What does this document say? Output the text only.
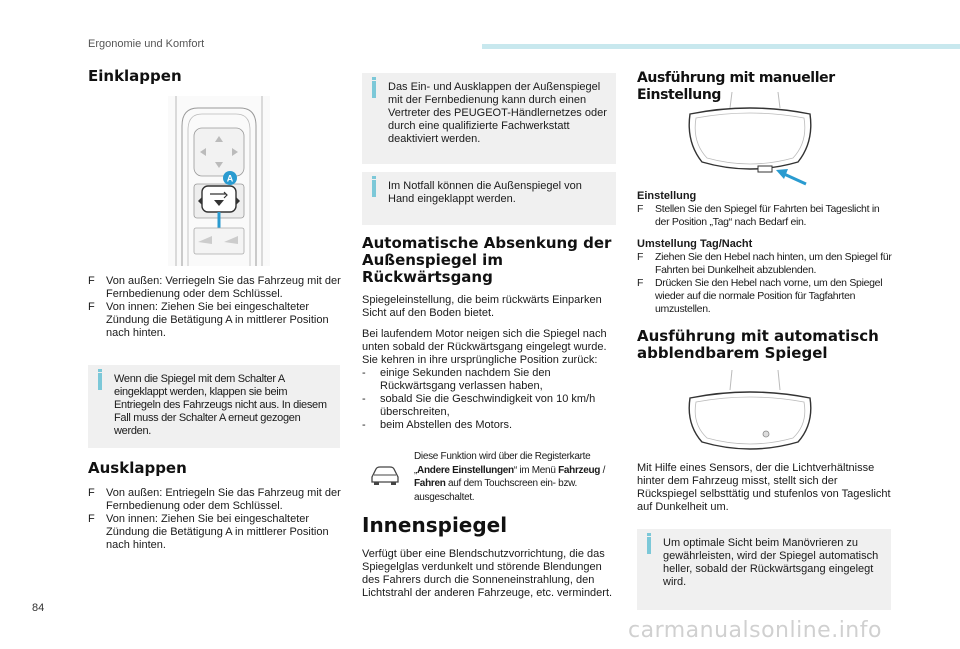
Ergonomie und Komfort
Einklappen
A
F Von außen: Verriegeln Sie das Fahrzeug mit der Fernbedienung oder dem Schlüssel.
F Von innen: Ziehen Sie bei eingeschalteter Zündung die Betätigung A in mittlerer Position nach hinten.

Wenn die Spiegel mit dem Schalter A eingeklappt werden, klappen sie beim Entriegeln des Fahrzeugs nicht aus. In diesem Fall muss der Schalter A erneut gezogen werden.

Ausklappen
F Von außen: Entriegeln Sie das Fahrzeug mit der Fernbedienung oder dem Schlüssel.
F Von innen: Ziehen Sie bei eingeschalteter Zündung die Betätigung A in mittlerer Position nach hinten.

Das Ein- und Ausklappen der Außenspiegel mit der Fernbedienung kann durch einen Vertreter des PEUGEOT-Händlernetzes oder durch eine qualifizierte Fachwerkstatt deaktiviert werden.

Im Notfall können die Außenspiegel von Hand eingeklappt werden.

Automatische Absenkung der
Außenspiegel im Rückwärtsgang

Spiegeleinstellung, die beim rückwärts Einparken Sicht auf den Boden bietet.

Bei laufendem Motor neigen sich die Spiegel nach unten sobald der Rückwärtsgang eingelegt wurde.

Sie kehren in ihre ursprüngliche Position zurück:

- einige Sekunden nachdem Sie den Rückwärtsgang verlassen haben,
- sobald Sie die Geschwindigkeit von 10 km/h überschreiten,
- beim Abstellen des Motors.

Diese Funktion wird über die Registerkarte „Andere Einstellungen“ im Menü Fahrzeug / Fahren auf dem Touchscreen ein- bzw. ausgeschaltet.

Innenspiegel

Verfügt über eine Blendschutzvorrichtung, die das Spiegelglas verdunkelt und störende Blendungen des Fahrers durch die Sonneneinstrahlung, den Lichtstrahl der anderen Fahrzeuge, etc. vermindert.

Ausführung mit manueller Einstellung
Einstellung
F Stellen Sie den Spiegel für Fahrten bei Tageslicht in der Position „Tag“ nach Bedarf ein.
Umstellung Tag/Nacht
F Ziehen Sie den Hebel nach hinten, um den Spiegel für Fahrten bei Dunkelheit abzublenden.
F Drücken Sie den Hebel nach vorne, um den Spiegel wieder auf die normale Position für Tagfahrten umzustellen.
Ausführung mit automatisch
abblendbarem Spiegel

Mit Hilfe eines Sensors, der die Lichtverhältnisse hinter dem Fahrzeug misst, stellt sich der Rückspiegel selbsttätig und stufenlos von Tageslicht auf Dunkelheit um.

Um optimale Sicht beim Manövrieren zu gewährleisten, wird der Spiegel automatisch heller, sobald der Rückwärtsgang eingelegt wird.

84
carmanualsonline.info
